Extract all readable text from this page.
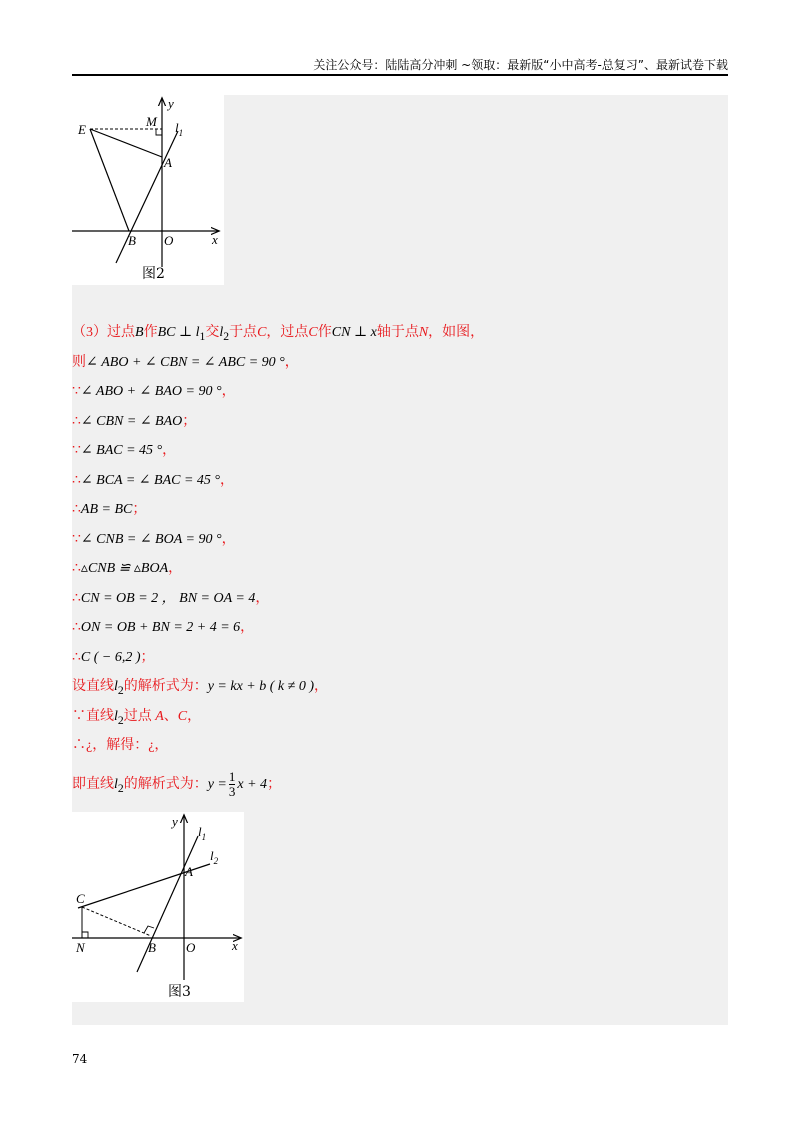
关注公众号：陆陆高分冲刺 ~领取：最新版“小中高考-总复习”、最新试卷下载
E
M
y
$l_1$
A
B O	x
图2
（3）过点B作BC ⊥ $l_1$交$l_2$于点C，过点C作CN ⊥ x轴于点N，如图，
则∠ ABO + ∠ CBN = ∠ ABC = 90 °，
∵∠ ABO + ∠ BAO = 90 °，
∴∠ CBN = ∠ BAO；
∵∠ BAC = 45 °，
∴∠ BCA = ∠ BAC = 45 °，
∴AB = BC；
∵∠ CNB = ∠ BOA = 90 °，
∴▵CNB ≌ ▵BOA，
∴CN = OB = 2 ， BN = OA = 4，
∴ON = OB + BN = 2 + 4 = 6，
∴C ( − 6,2 )；
设直线$l_2$的解析式为：y = kx + b ( k ≠ 0 )，
∵直线$l_2$过点 A、C，
∴¿，解得：¿，
即直线$l_2$的解析式为：$y = \frac{1}{3}$ x + 4；
y
$l_1$
$l_2$
A
C
N	B O	x
图3
74
